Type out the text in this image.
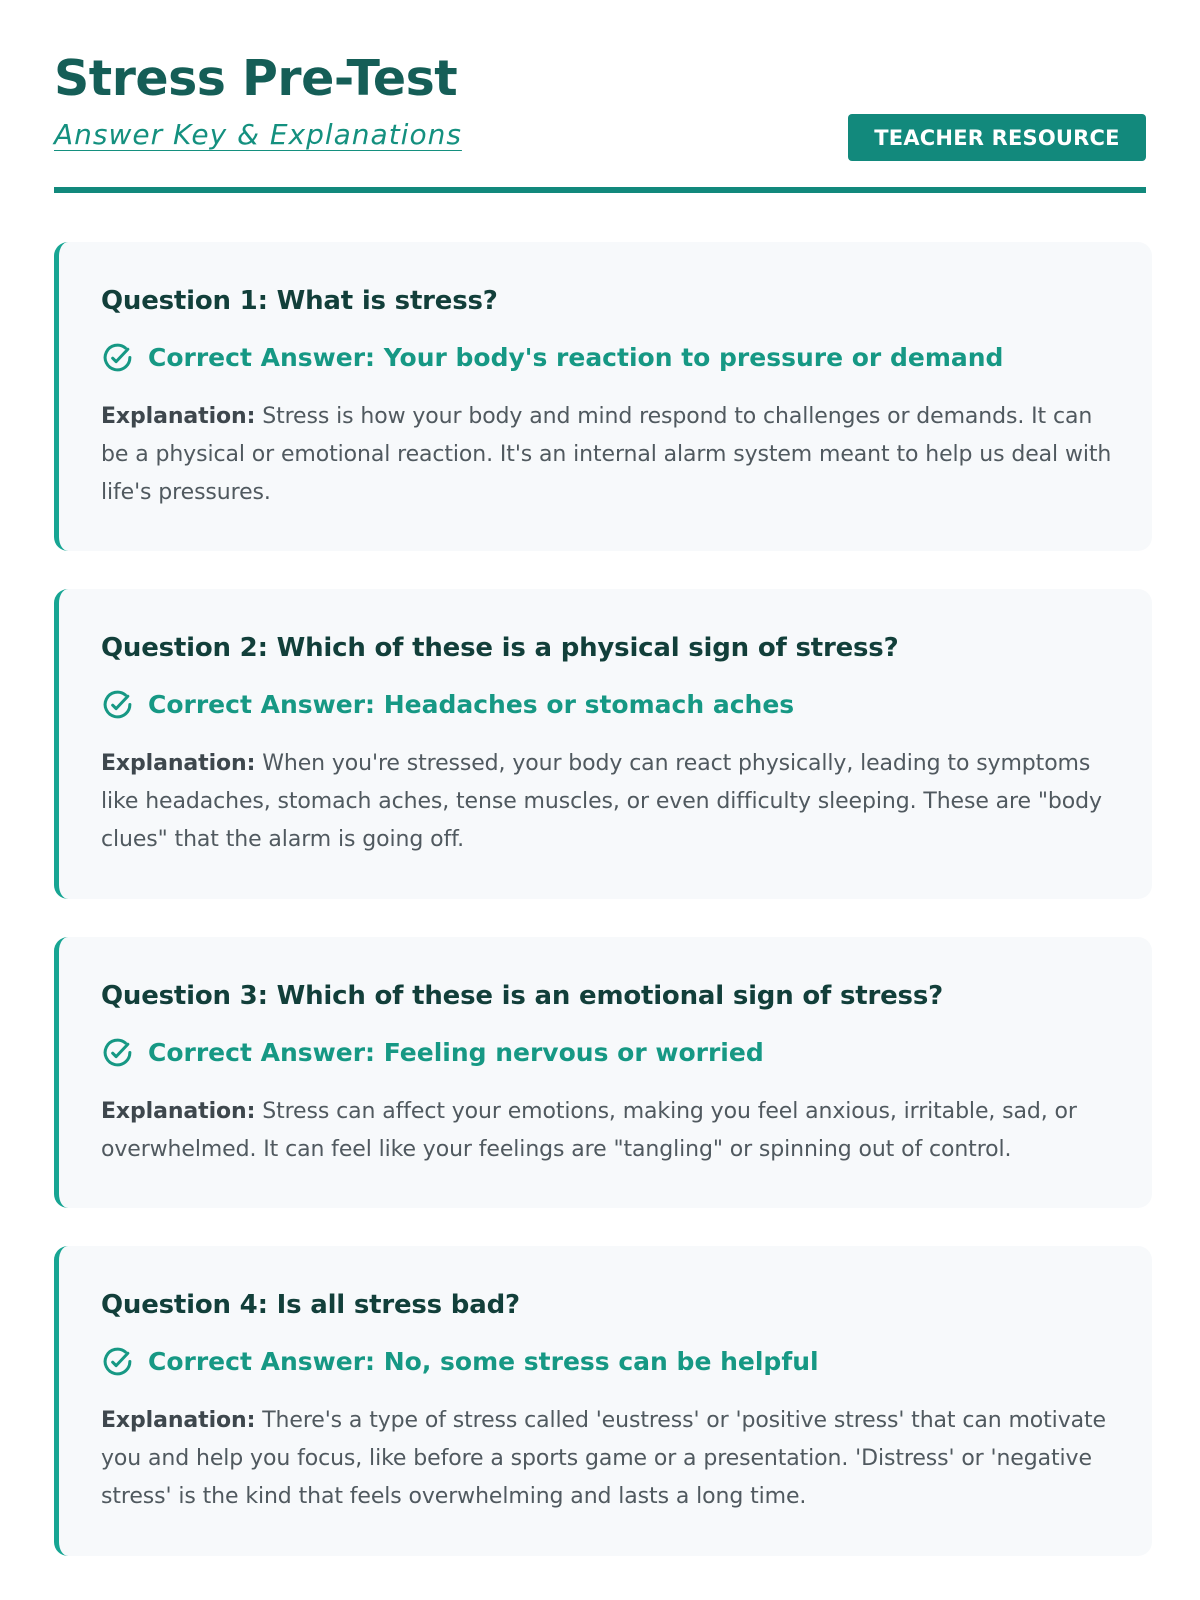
Stress Pre-Test
Answer Key & Explanations	TEACHER RESOURCE
Question 1: What is stress?
Correct Answer: Your body's reaction to pressure or demand

Explanation: Stress is how your body and mind respond to challenges or demands. It can be a physical or emotional reaction. It's an internal alarm system meant to help us deal with life's pressures.

Question 2: Which of these is a physical sign of stress?
Correct Answer: Headaches or stomach aches

Explanation: When you're stressed, your body can react physically, leading to symptoms like headaches, stomach aches, tense muscles, or even difficulty sleeping. These are "body clues" that the alarm is going off.

Question 3: Which of these is an emotional sign of stress?
Correct Answer: Feeling nervous or worried

Explanation: Stress can affect your emotions, making you feel anxious, irritable, sad, or overwhelmed. It can feel like your feelings are "tangling" or spinning out of control.

Question 4: Is all stress bad?
Correct Answer: No, some stress can be helpful

Explanation: There's a type of stress called 'eustress' or 'positive stress' that can motivate you and help you focus, like before a sports game or a presentation. 'Distress' or 'negative stress' is the kind that feels overwhelming and lasts a long time.
